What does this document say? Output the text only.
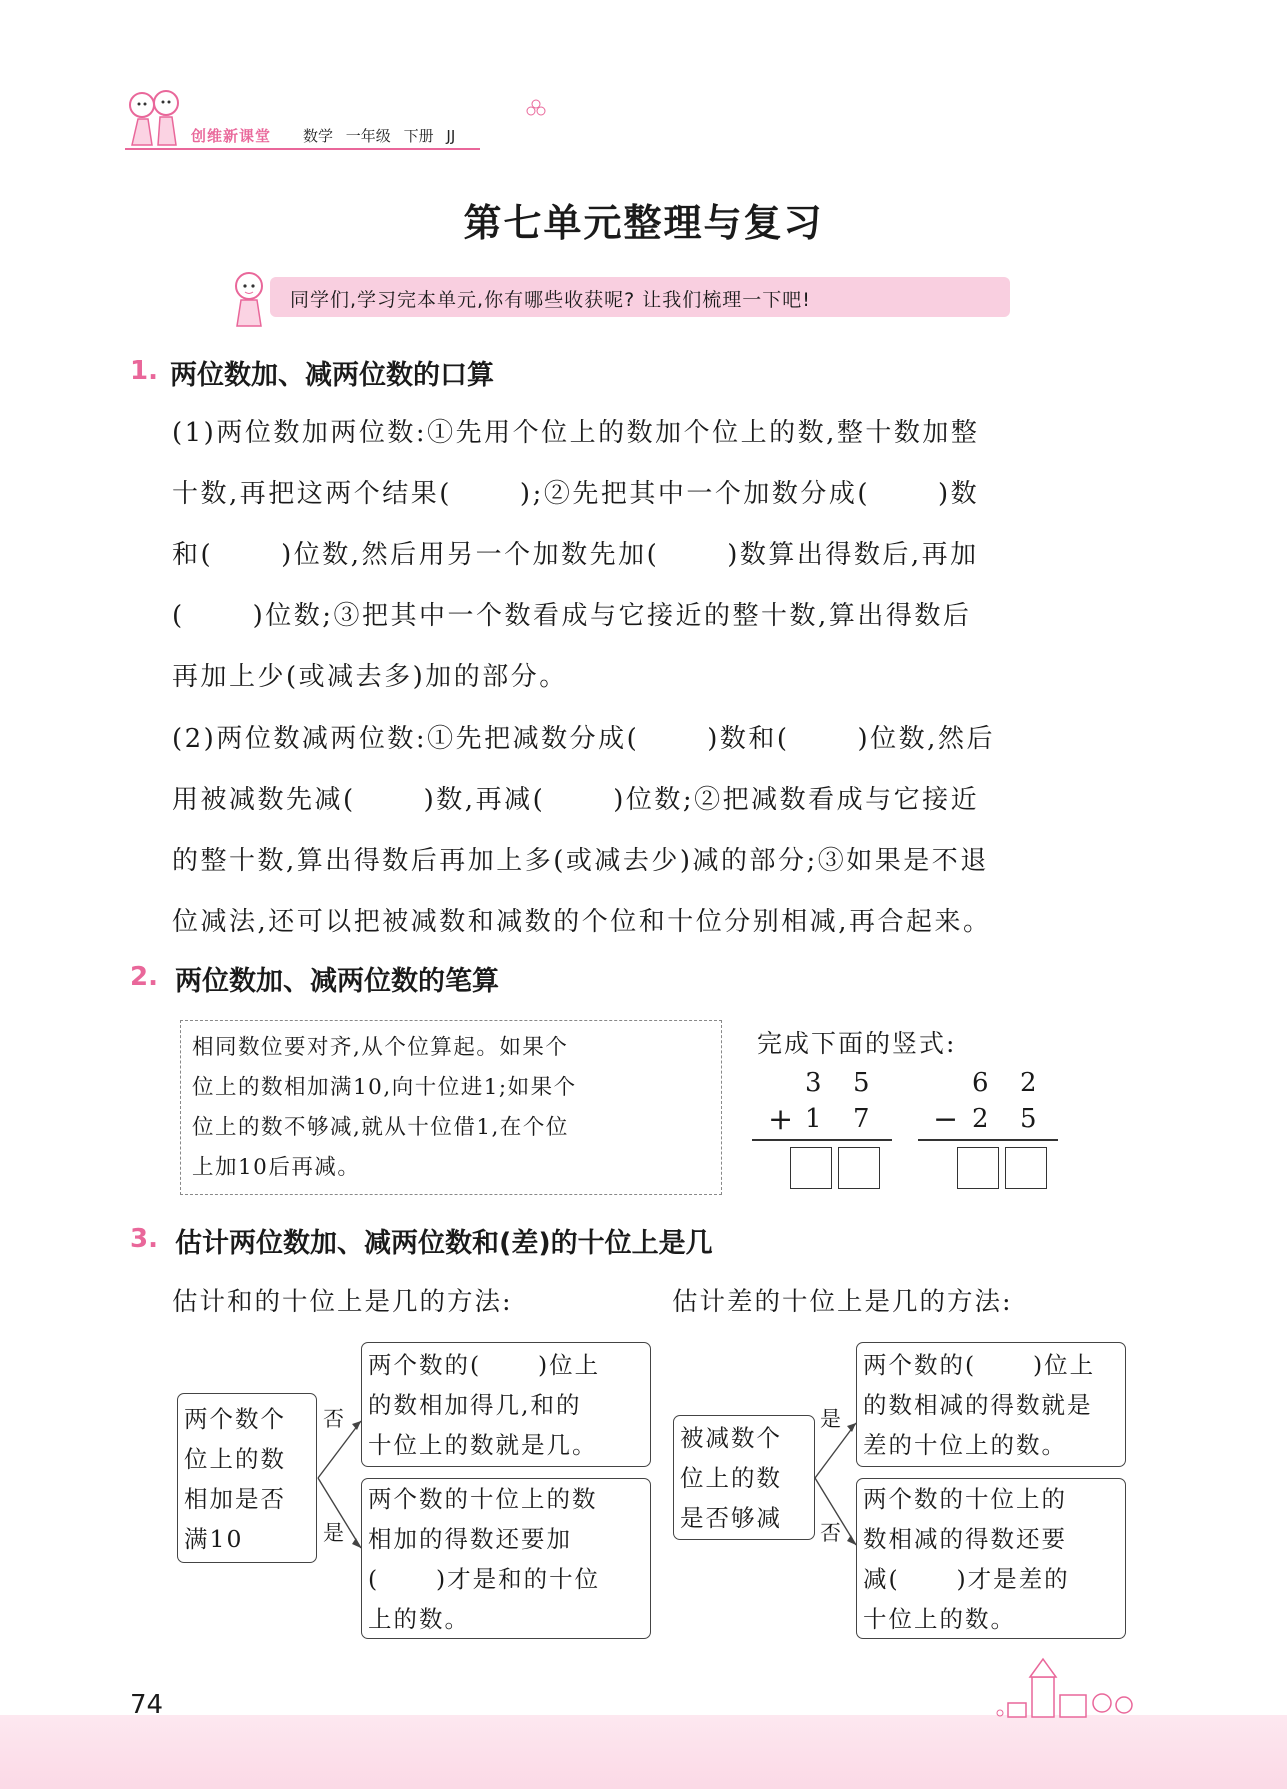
创维新课堂 数学 一年级 下册 JJ
第七单元整理与复习
同学们,学习完本单元,你有哪些收获呢? 让我们梳理一下吧!
1. 两位数加、减两位数的口算

(1)两位数加两位数:①先用个位上的数加个位上的数,整十数加整

十数,再把这两个结果(	);②先把其中一个加数分成(	)数

和(	)位数,然后用另一个加数先加(	)数算出得数后,再加

(	)位数;③把其中一个数看成与它接近的整十数,算出得数后

再加上少(或减去多)加的部分。

(2)两位数减两位数:①先把减数分成(	)数和(	)位数,然后

用被减数先减(	)数,再减(	)位数;②把减数看成与它接近

的整十数,算出得数后再加上多(或减去少)减的部分;③如果是不退

位减法,还可以把被减数和减数的个位和十位分别相减,再合起来。

2. 两位数加、减两位数的笔算
相同数位要对齐,从个位算起。如果个
位上的数相加满10,向十位进1;如果个
位上的数不够减,就从十位借1,在个位
上加10后再减。
完成下面的竖式:
3 5
+ 1 7
6 2
− 2 5
3. 估计两位数加、减两位数和(差)的十位上是几
估计和的十位上是几的方法:	估计差的十位上是几的方法:
两个数个
位上的数
相加是否
满10
否
是
两个数的(      )位上
的数相加得几,和的
十位上的数就是几。
两个数的十位上的数
相加的得数还要加
(      )才是和的十位
上的数。
被减数个
位上的数
是否够减
是
否
两个数的(      )位上
的数相减的得数就是
差的十位上的数。
两个数的十位上的
数相减的得数还要
减(      )才是差的
十位上的数。
74
